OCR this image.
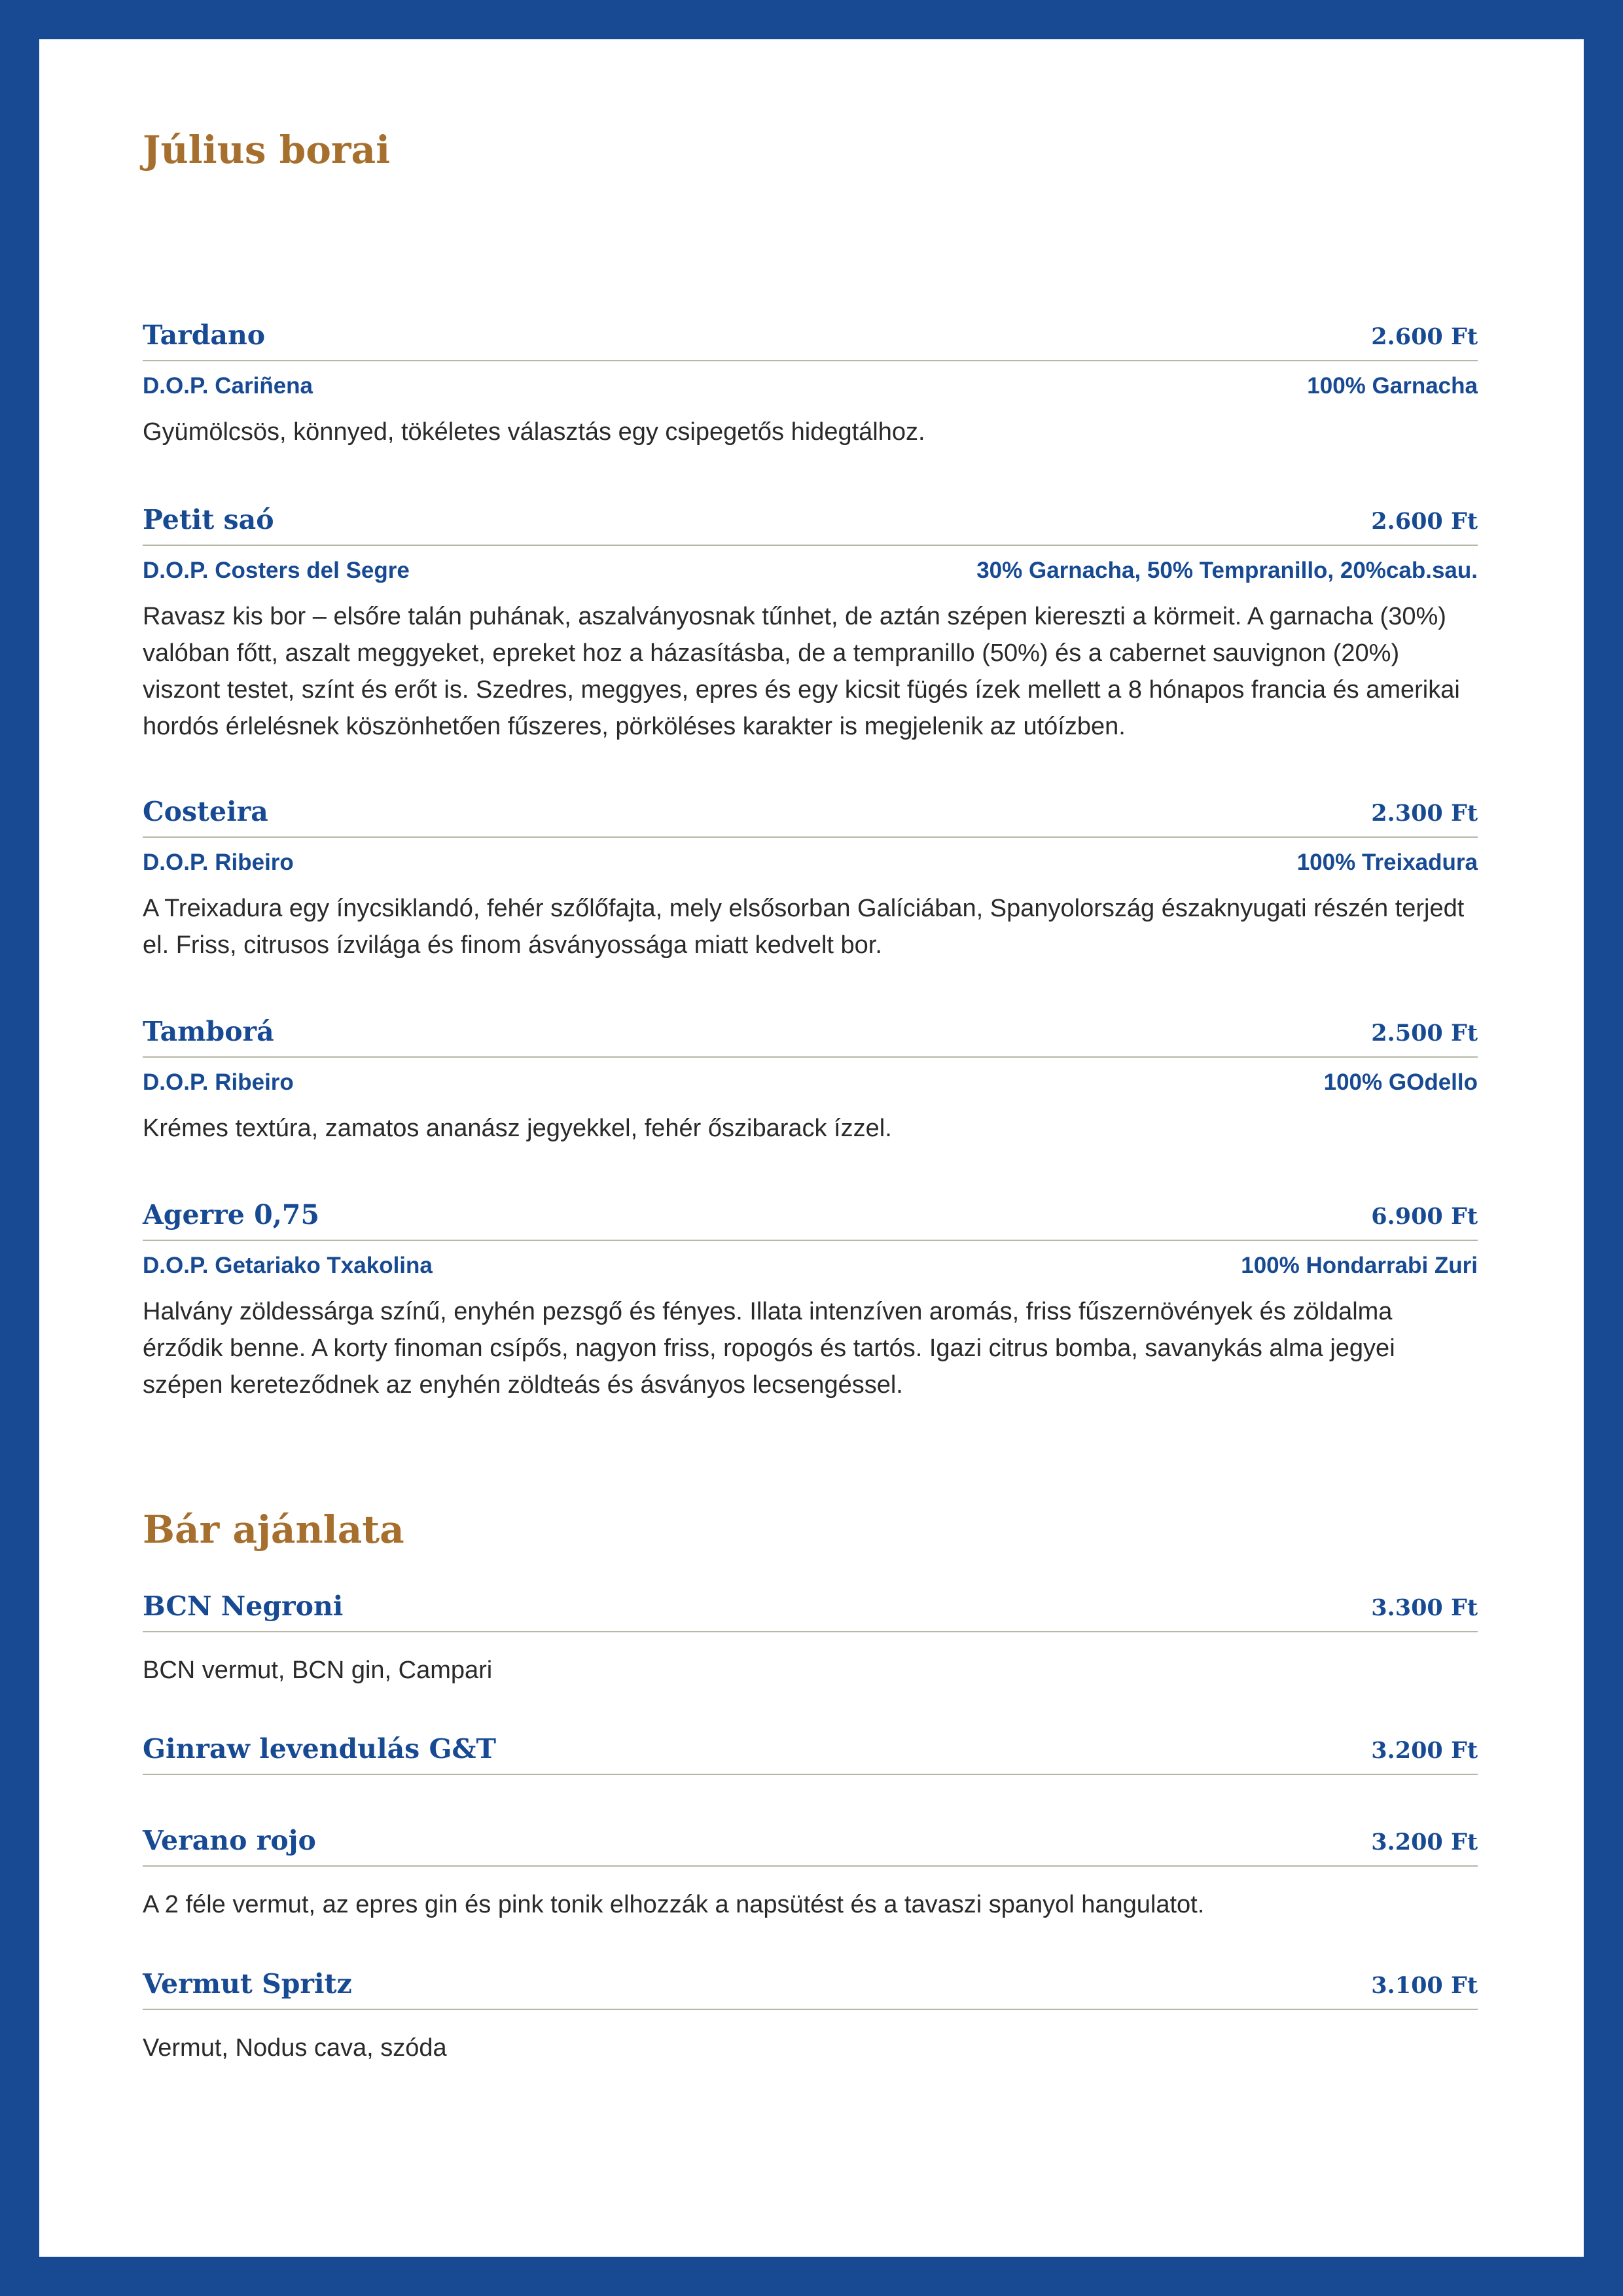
Július borai
Tardano	2.600 Ft
D.O.P. Cariñena	100% Garnacha
Gyümölcsös, könnyed, tökéletes választás egy csipegetős hidegtálhoz.
Petit saó	2.600 Ft
D.O.P. Costers del Segre	30% Garnacha, 50% Tempranillo, 20%cab.sau.
Ravasz kis bor – elsőre talán puhának, aszalványosnak tűnhet, de aztán szépen kiereszti a körmeit. A garnacha (30%) valóban főtt, aszalt meggyeket, epreket hoz a házasításba, de a tempranillo (50%) és a cabernet sauvignon (20%) viszont testet, színt és erőt is. Szedres, meggyes, epres és egy kicsit fügés ízek mellett a 8 hónapos francia és amerikai hordós érlelésnek köszönhetően fűszeres, pörköléses karakter is megjelenik az utóízben.
Costeira	2.300 Ft
D.O.P. Ribeiro	100% Treixadura
A Treixadura egy ínycsiklandó, fehér szőlőfajta, mely elsősorban Galíciában, Spanyolország északnyugati részén terjedt el. Friss, citrusos ízvilága és finom ásványossága miatt kedvelt bor.
Tamborá	2.500 Ft
D.O.P. Ribeiro	100% GOdello
Krémes textúra, zamatos ananász jegyekkel, fehér őszibarack ízzel.
Agerre 0,75	6.900 Ft
D.O.P. Getariako Txakolina	100% Hondarrabi Zuri
Halvány zöldessárga színű, enyhén pezsgő és fényes. Illata intenzíven aromás, friss fűszernövények és zöldalma érződik benne. A korty finoman csípős, nagyon friss, ropogós és tartós. Igazi citrus bomba, savanykás alma jegyei szépen kereteződnek az enyhén zöldteás és ásványos lecsengéssel.
Bár ajánlata
BCN Negroni	3.300 Ft
BCN vermut, BCN gin, Campari
Ginraw levendulás G&T	3.200 Ft
Verano rojo	3.200 Ft
A 2 féle vermut, az epres gin és pink tonik elhozzák a napsütést és a tavaszi spanyol hangulatot.
Vermut Spritz	3.100 Ft
Vermut, Nodus cava, szóda
